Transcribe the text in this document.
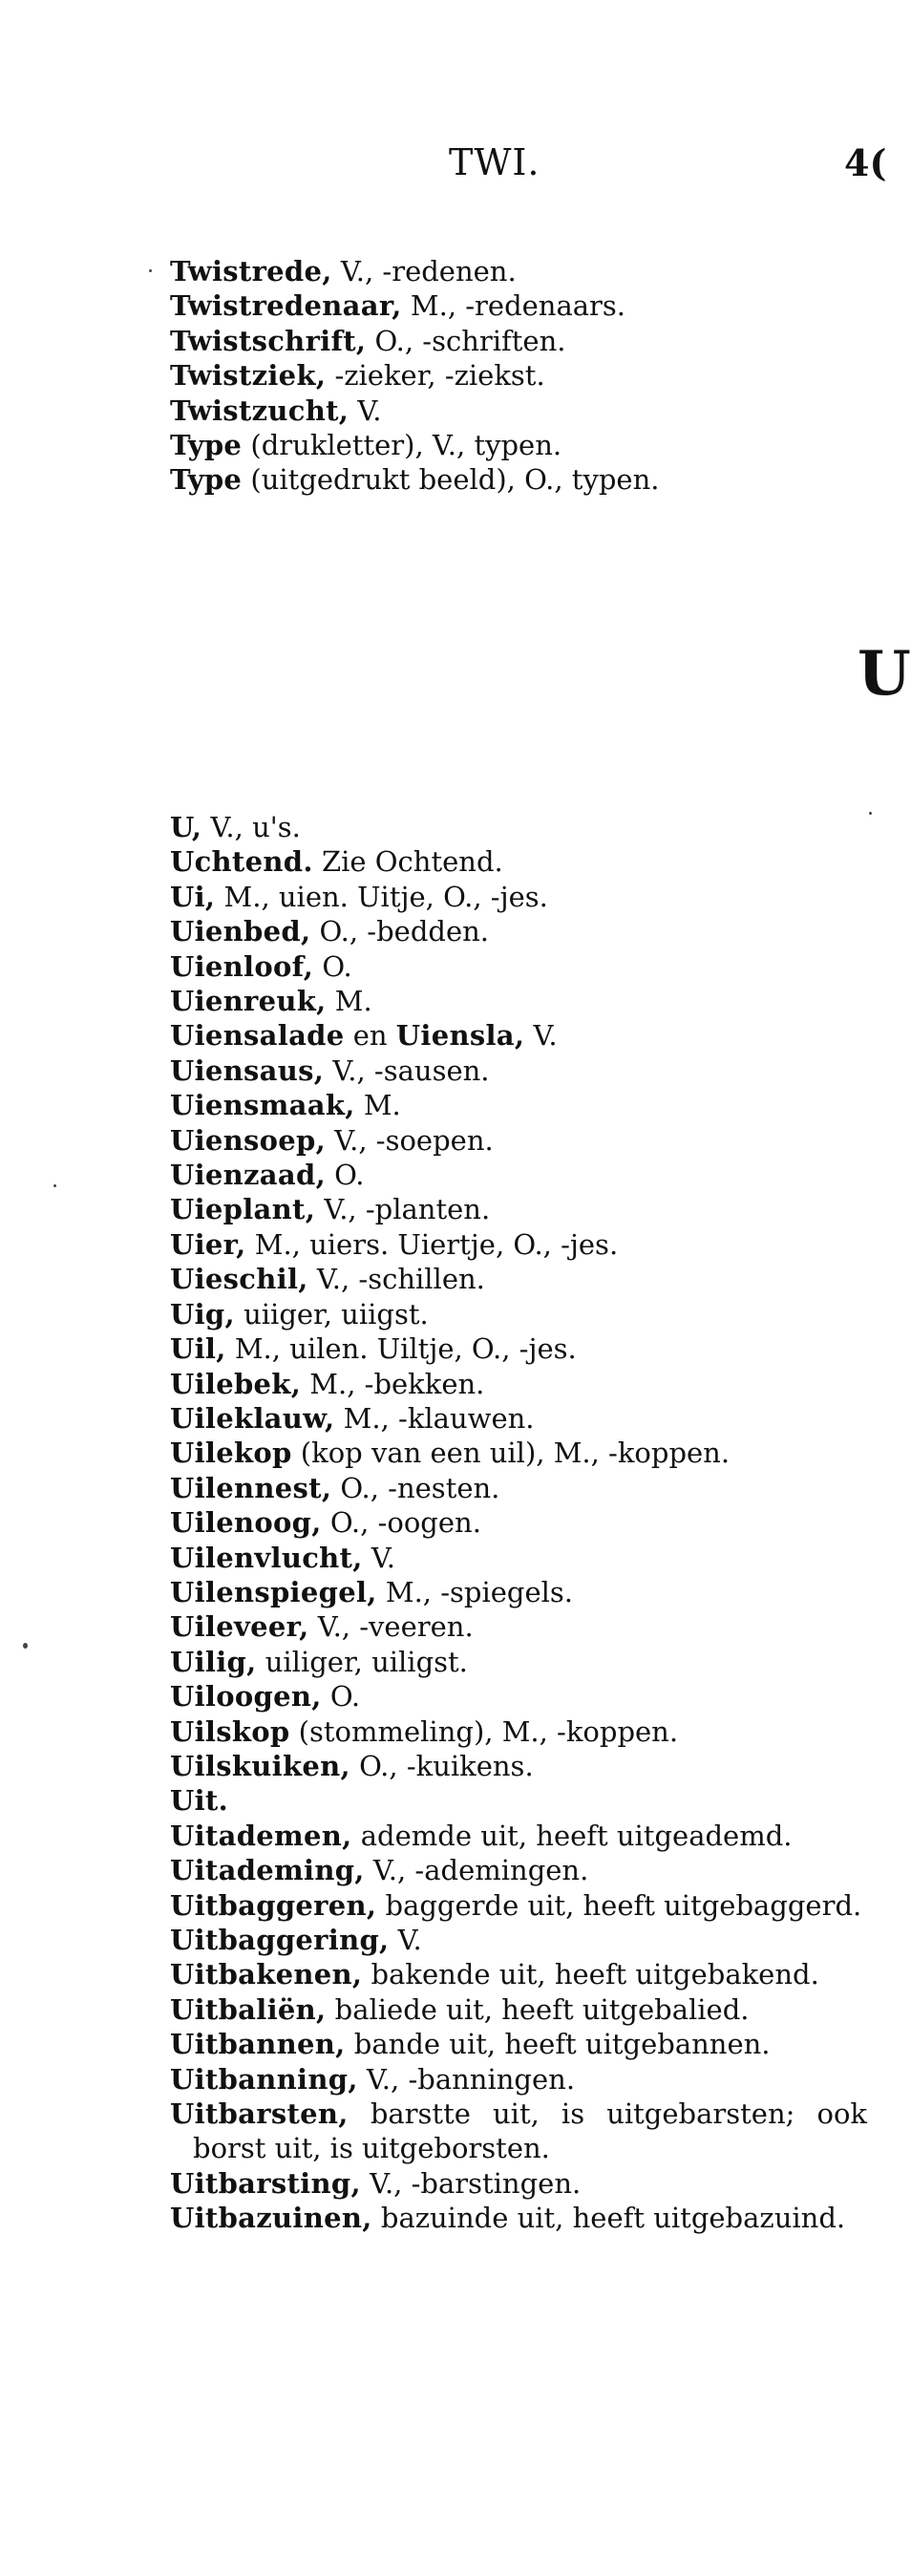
TWI.	4(
Twistrede, V., -redenen.
Twistredenaar, M., -redenaars.
Twistschrift, O., -schriften.
Twistziek, -zieker, -ziekst.
Twistzucht, V.
Type (drukletter), V., typen.
Type (uitgedrukt beeld), O., typen.
U
U, V., u's.
Uchtend. Zie Ochtend.
Ui, M., uien. Uitje, O., -jes.
Uienbed, O., -bedden.
Uienloof, O.
Uienreuk, M.
Uiensalade en Uiensla, V.
Uiensaus, V., -sausen.
Uiensmaak, M.
Uiensoep, V., -soepen.
Uienzaad, O.
Uieplant, V., -planten.
Uier, M., uiers. Uiertje, O., -jes.
Uieschil, V., -schillen.
Uig, uiiger, uiigst.
Uil, M., uilen. Uiltje, O., -jes.
Uilebek, M., -bekken.
Uileklauw, M., -klauwen.
Uilekop (kop van een uil), M., -koppen.
Uilennest, O., -nesten.
Uilenoog, O., -oogen.
Uilenvlucht, V.
Uilenspiegel, M., -spiegels.
Uileveer, V., -veeren.
Uilig, uiliger, uiligst.
Uiloogen, O.
Uilskop (stommeling), M., -koppen.
Uilskuiken, O., -kuikens.
Uit.
Uitademen, ademde uit, heeft uitgeademd.
Uitademing, V., -ademingen.
Uitbaggeren, baggerde uit, heeft uitgebaggerd.
Uitbaggering, V.
Uitbakenen, bakende uit, heeft uitgebakend.
Uitbaliën, baliede uit, heeft uitgebalied.
Uitbannen, bande uit, heeft uitgebannen.
Uitbanning, V., -banningen.
Uitbarsten, barstte uit, is uitgebarsten; ook borst uit, is uitgeborsten.
Uitbarsting, V., -barstingen.
Uitbazuinen, bazuinde uit, heeft uitgebazuind.
